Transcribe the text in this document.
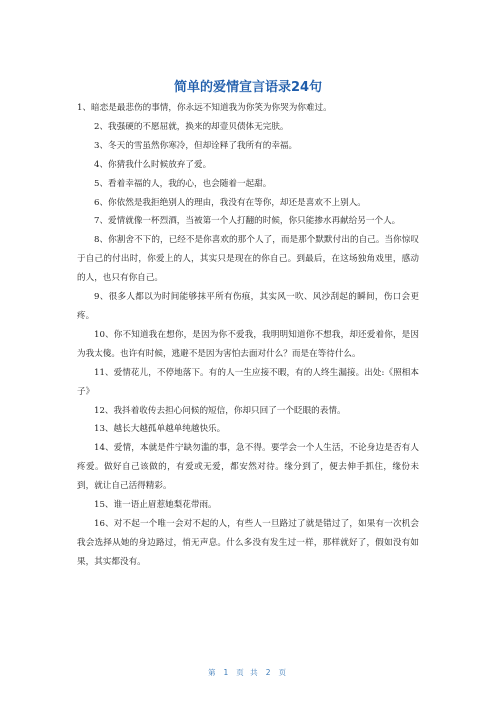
简单的爱情宣言语录24句

1、暗恋是最悲伤的事情，你永远不知道我为你笑为你哭为你难过。

2、我强硬的不愿屈就，换来的却壹贝债体无完肤。

3、冬天的雪虽然你寒冷，但却诠释了我所有的幸福。

4、你猜我什么时候放弃了爱。

5、看着幸福的人，我的心，也会随着一起甜。

6、你依然是我拒绝别人的理由，我没有在等你，却还是喜欢不上别人。

7、爱情就像一杯烈酒，当被第一个人打翻的时候，你只能掺水再献给另一个人。

8、你割舍不下的，已经不是你喜欢的那个人了，而是那个默默付出的自己。当你惊叹于自己的付出时，你爱上的人，其实只是现在的你自己。到最后，在这场独角戏里，感动的人，也只有你自己。

9、很多人都以为时间能够抹平所有伤痕，其实风一吹、风沙刮起的瞬间，伤口会更疼。

10、你不知道我在想你，是因为你不爱我，我明明知道你不想我，却还爱着你，是因为我太傻。也许有时候，逃避不是因为害怕去面对什么？而是在等待什么。

11、爱情花儿，不停地落下。有的人一生应接不暇，有的人终生漏接。出处:《照相本子》

12、我抖着收传去担心问候的短信，你却只回了一个眨眼的表情。

13、越长大越孤单越单纯越快乐。

14、爱情，本就是件宁缺勿滥的事，急不得。要学会一个人生活，不论身边是否有人疼爱。做好自己该做的，有爱或无爱，都安然对待。缘分到了，便去伸手抓住，缘份未到，就让自己活得精彩。

15、谁一语止眉惹她梨花带雨。

16、对不起一个唯一会对不起的人，有些人一旦路过了就是错过了，如果有一次机会我会选择从她的身边路过，悄无声息。什么多没有发生过一样，那样就好了，假如没有如果，其实都没有。

第 1 页 共 2 页
